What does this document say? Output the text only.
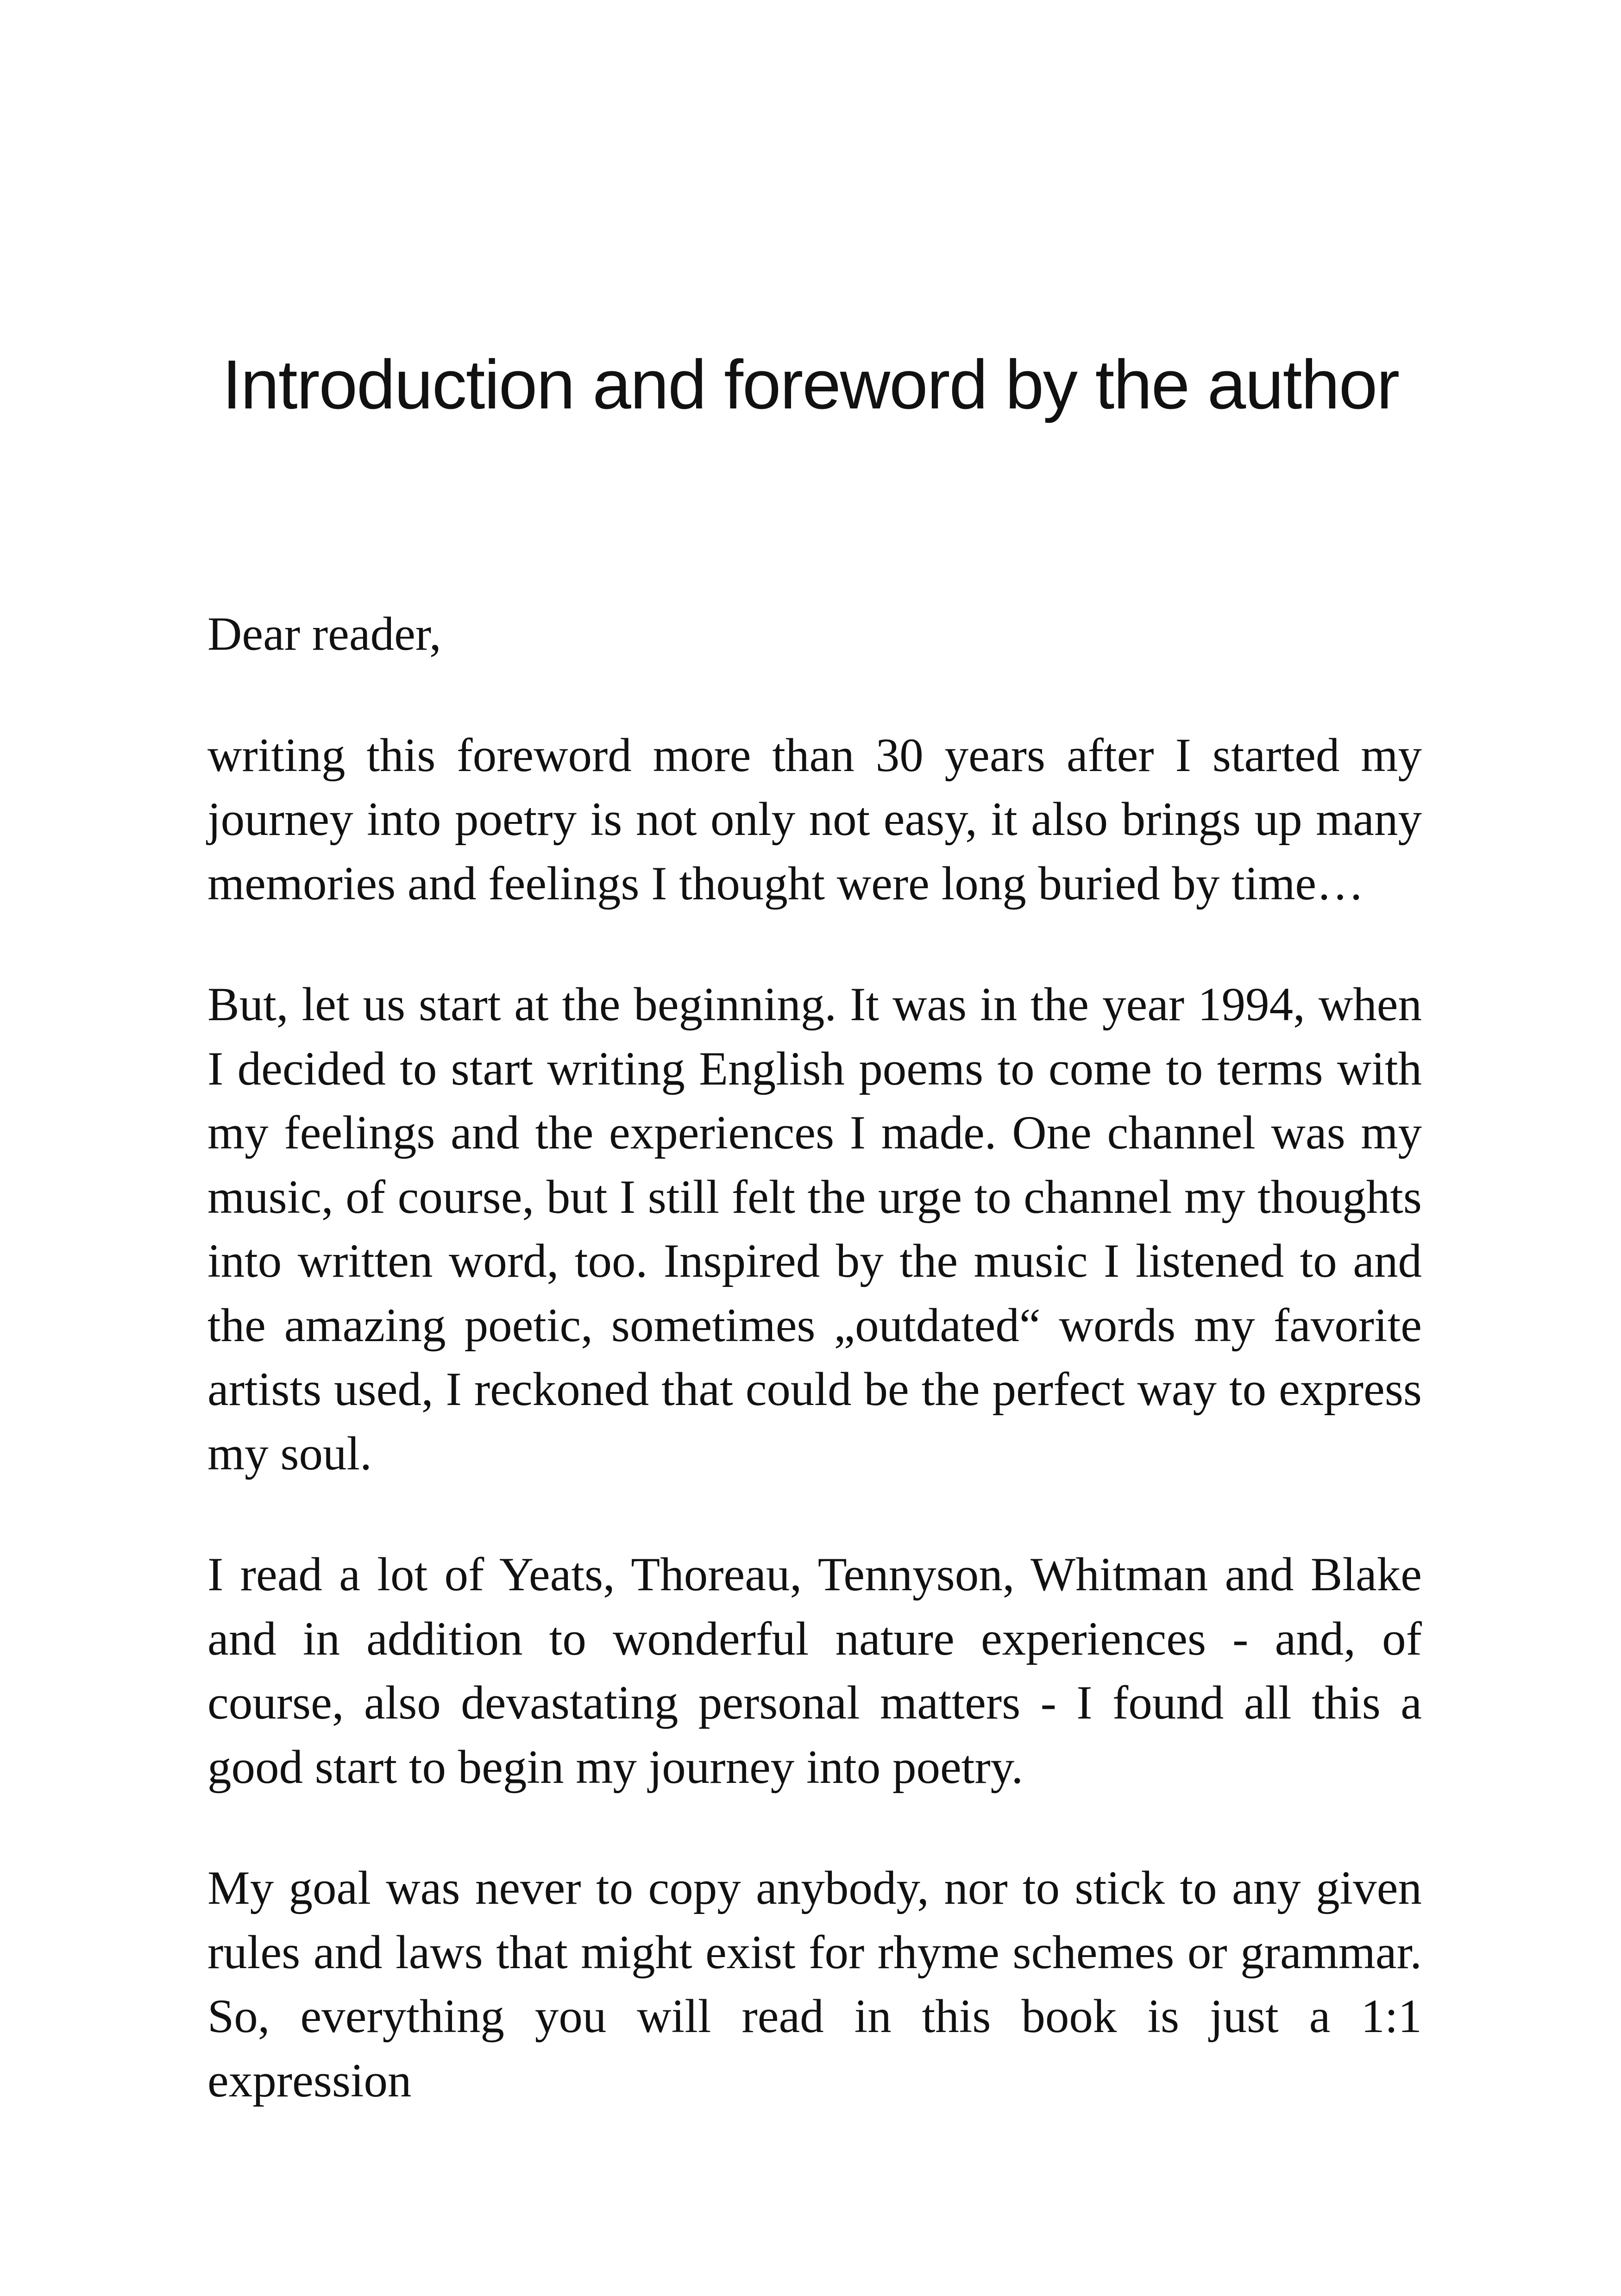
Introduction and foreword by the author

Dear reader,

writing this foreword more than 30 years after I started my journey into poetry is not only not easy, it also brings up many memories and feelings I thought were long buried by time…

But, let us start at the beginning. It was in the year 1994, when I decided to start writing English poems to come to terms with my feelings and the experiences I made. One channel was my music, of course, but I still felt the urge to channel my thoughts into written word, too. Inspired by the music I listened to and the amazing poetic, sometimes „outdated“ words my favorite artists used, I reckoned that could be the perfect way to express my soul.

I read a lot of Yeats, Thoreau, Tennyson, Whitman and Blake and in addition to wonderful nature experiences - and, of course, also devastating personal matters - I found all this a good start to begin my journey into poetry.

My goal was never to copy anybody, nor to stick to any given rules and laws that might exist for rhyme schemes or grammar. So, everything you will read in this book is just a 1:1 expression
